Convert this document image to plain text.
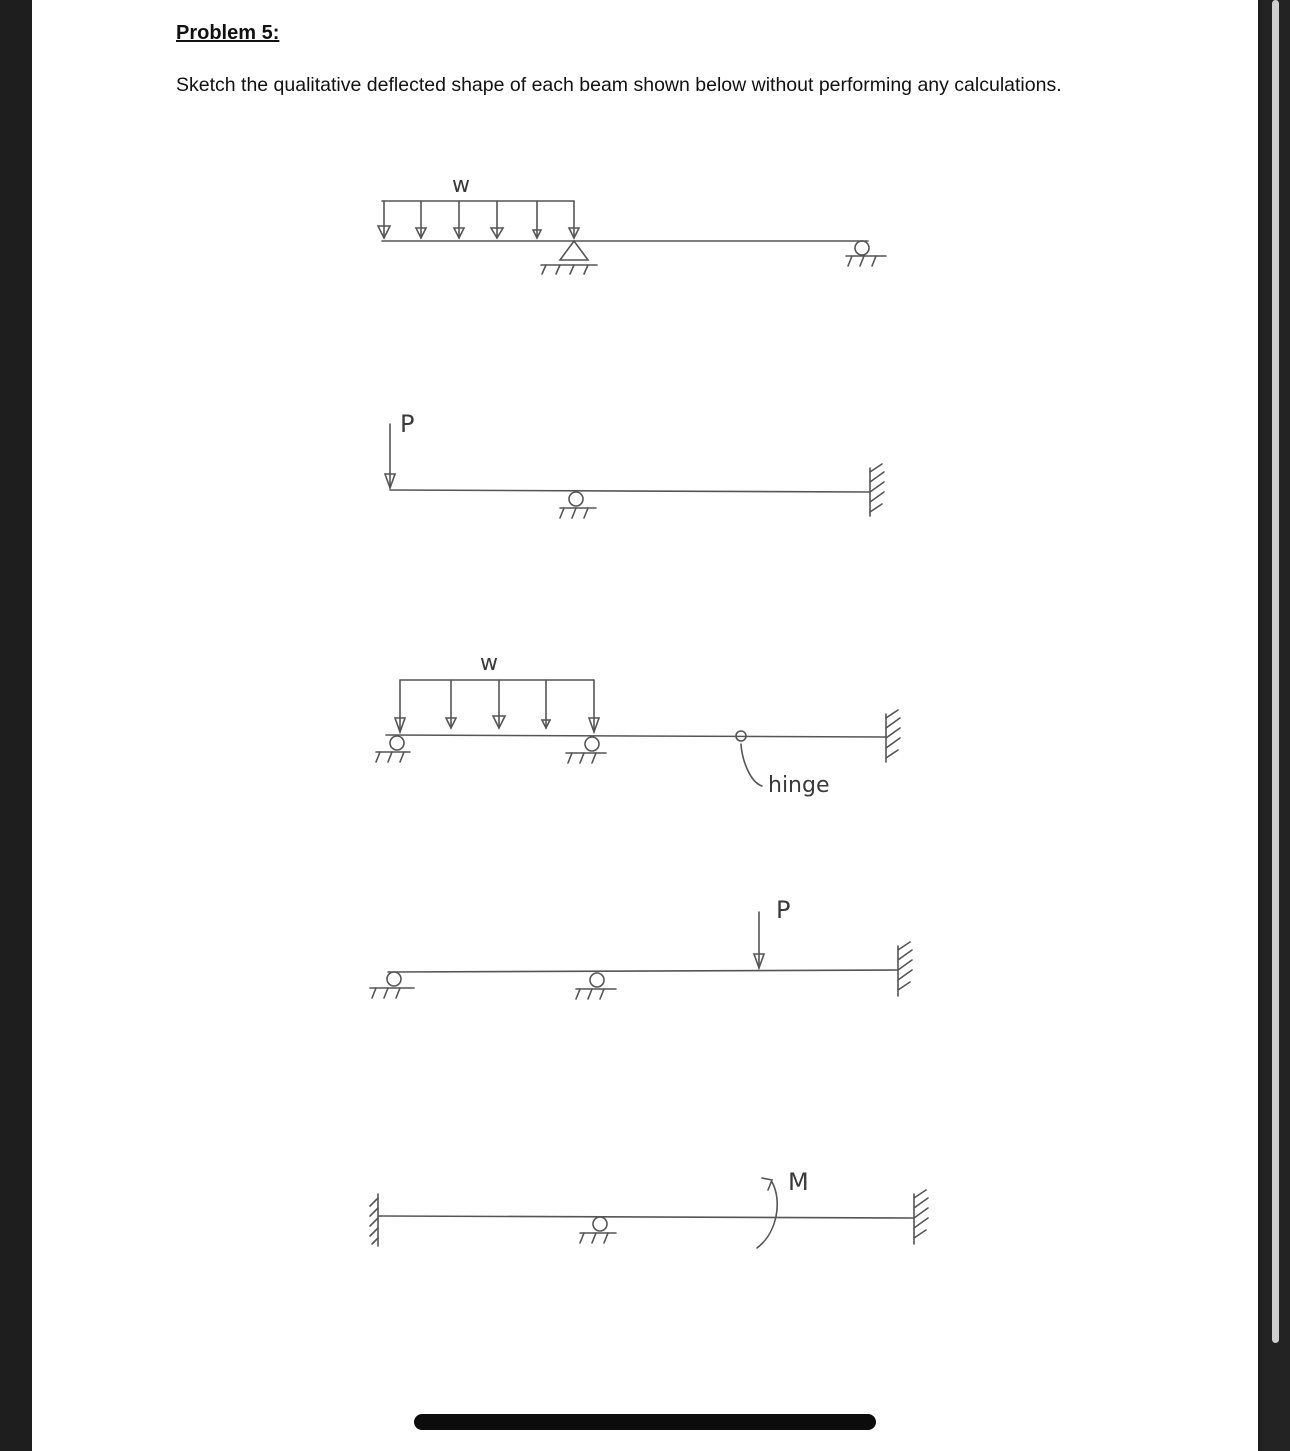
Problem 5:
Sketch the qualitative deflected shape of each beam shown below without performing any calculations.
w
P
w
hinge
P
M
